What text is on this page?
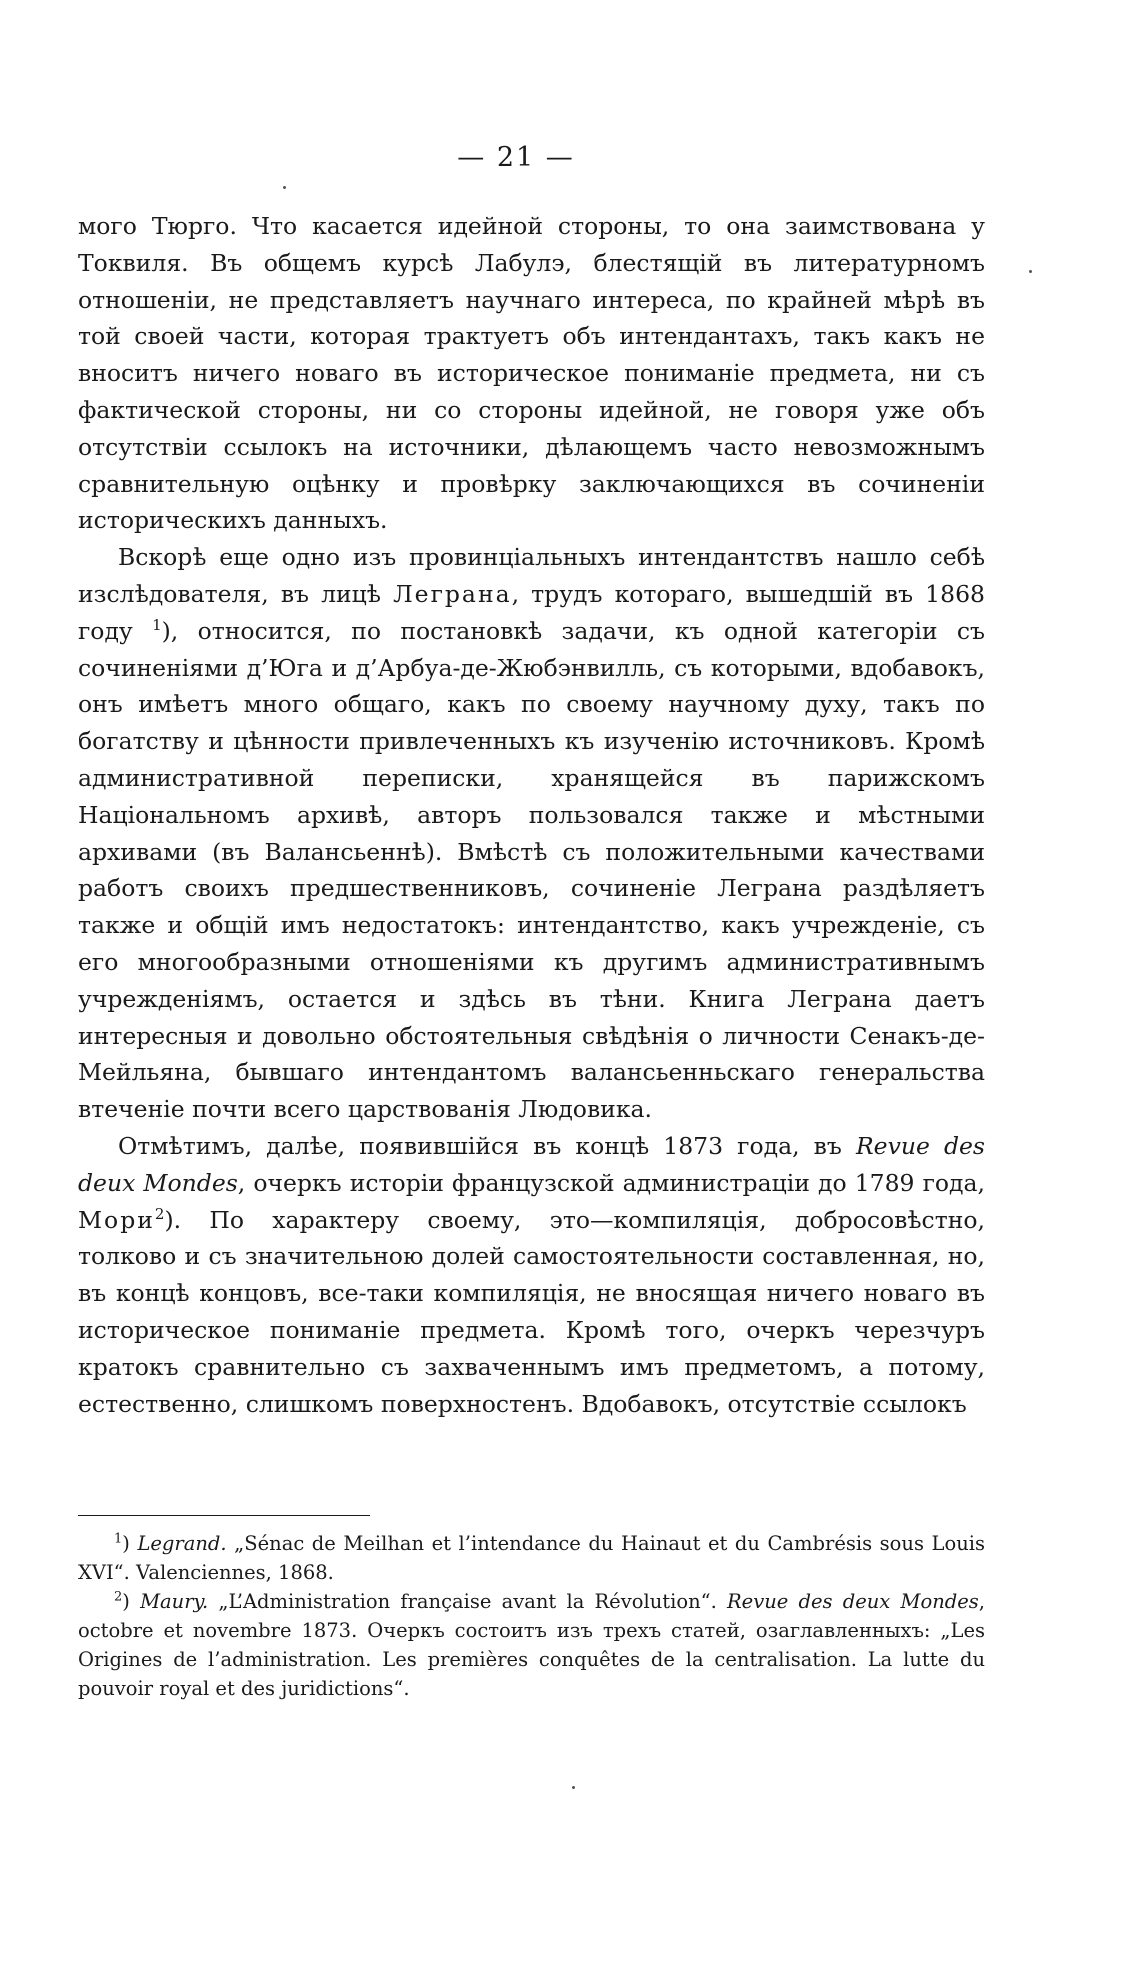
— 21 —

мого Тюрго. Что касается идейной стороны, то она заимствована у Токвиля. Въ общемъ курсѣ Лабулэ, блестящій въ литературномъ отношеніи, не представляетъ научнаго интереса, по крайней мѣрѣ въ той своей части, которая трактуетъ объ интендантахъ, такъ какъ не вноситъ ничего новаго въ историческое пониманіе предмета, ни съ фактической стороны, ни со стороны идейной, не говоря уже объ отсутствіи ссылокъ на источники, дѣлающемъ часто невозможнымъ сравнительную оцѣнку и провѣрку заключающихся въ сочиненіи историческихъ данныхъ.

Вскорѣ еще одно изъ провинціальныхъ интендантствъ нашло себѣ изслѣдователя, въ лицѣ Леграна, трудъ котораго, вышедшій въ 1868 году $^1$), относится, по постановкѣ задачи, къ одной категоріи съ сочиненіями д’Юга и д’Арбуа-де-Жюбэнвилль, съ которыми, вдобавокъ, онъ имѣетъ много общаго, какъ по своему научному духу, такъ по богатству и цѣнности привлеченныхъ къ изученію источниковъ. Кромѣ административной переписки, хранящейся въ парижскомъ Національномъ архивѣ, авторъ пользовался также и мѣстными архивами (въ Валансьеннѣ). Вмѣстѣ съ положительными качествами работъ своихъ предшественниковъ, сочиненіе Леграна раздѣляетъ также и общій имъ недостатокъ: интендантство, какъ учрежденіе, съ его многообразными отношеніями къ другимъ административнымъ учрежденіямъ, остается и здѣсь въ тѣни. Книга Леграна даетъ интересныя и довольно обстоятельныя свѣдѣнія о личности Сенакъ-де-Мейльяна, бывшаго интендантомъ валансьенньскаго генеральства втеченіе почти всего царствованія Людовика.

Отмѣтимъ, далѣе, появившійся въ концѣ 1873 года, въ Revue des deux Mondes, очеркъ исторіи французской администраціи до 1789 года, Мори$^2$). По характеру своему, это—компиляція, добросовѣстно, толково и съ значительною долей самостоятельности составленная, но, въ концѣ концовъ, все-таки компиляція, не вносящая ничего новаго въ историческое пониманіе предмета. Кромѣ того, очеркъ черезчуръ кратокъ сравнительно съ захваченнымъ имъ предметомъ, а потому, естественно, слишкомъ поверхностенъ. Вдобавокъ, отсутствіе ссылокъ

$^1$) Legrand. „Sénac de Meilhan et l’intendance du Hainaut et du Cambrésis sous Louis XVI“. Valenciennes, 1868.

$^2$) Maury. „L’Administration française avant la Révolution“. Revue des deux Mondes, octobre et novembre 1873. Очеркъ состоитъ изъ трехъ статей, озаглавленныхъ: „Les Origines de l’administration. Les premières conquêtes de la centralisation. La lutte du pouvoir royal et des juridictions“.
